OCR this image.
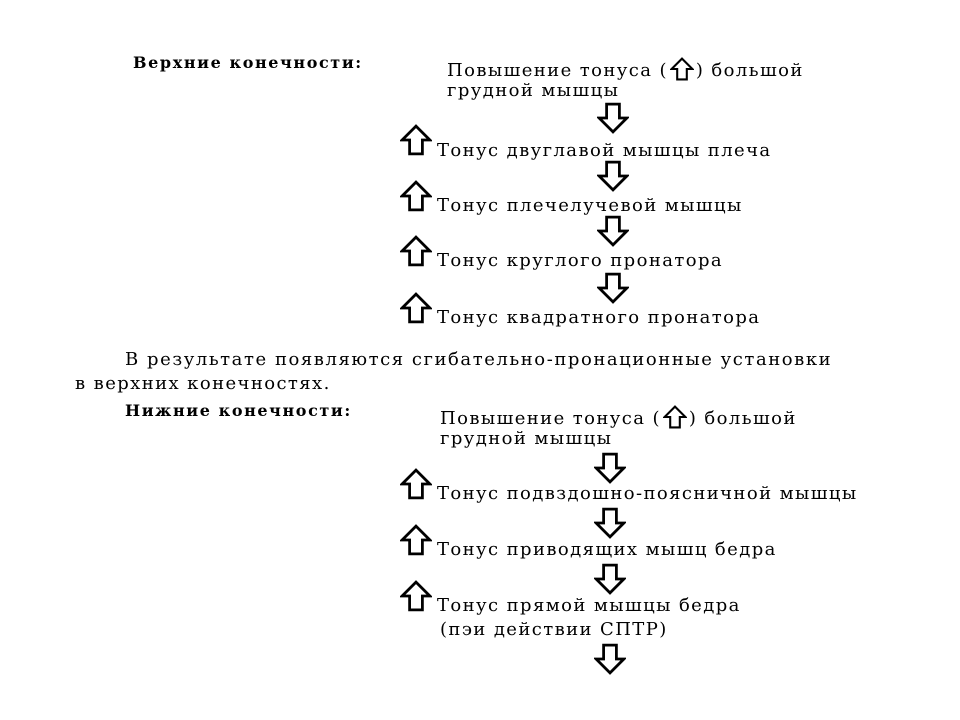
Верхние конечности:	Повышение тонуса ( ) большой
грудной мышцы
Тонус двуглавой мышцы плеча
Тонус плечелучевой мышцы
Тонус круглого пронатора
Тонус квадратного пронатора
В результате появляются сгибательно-пронационные установки
в верхних конечностях.
Нижние конечности:	Повышение тонуса ( ) большой
грудной мышцы
Тонус подвздошно-поясничной мышцы
Тонус приводящих мышц бедра
Тонус прямой мышцы бедра
(пэи действии СПТР)
